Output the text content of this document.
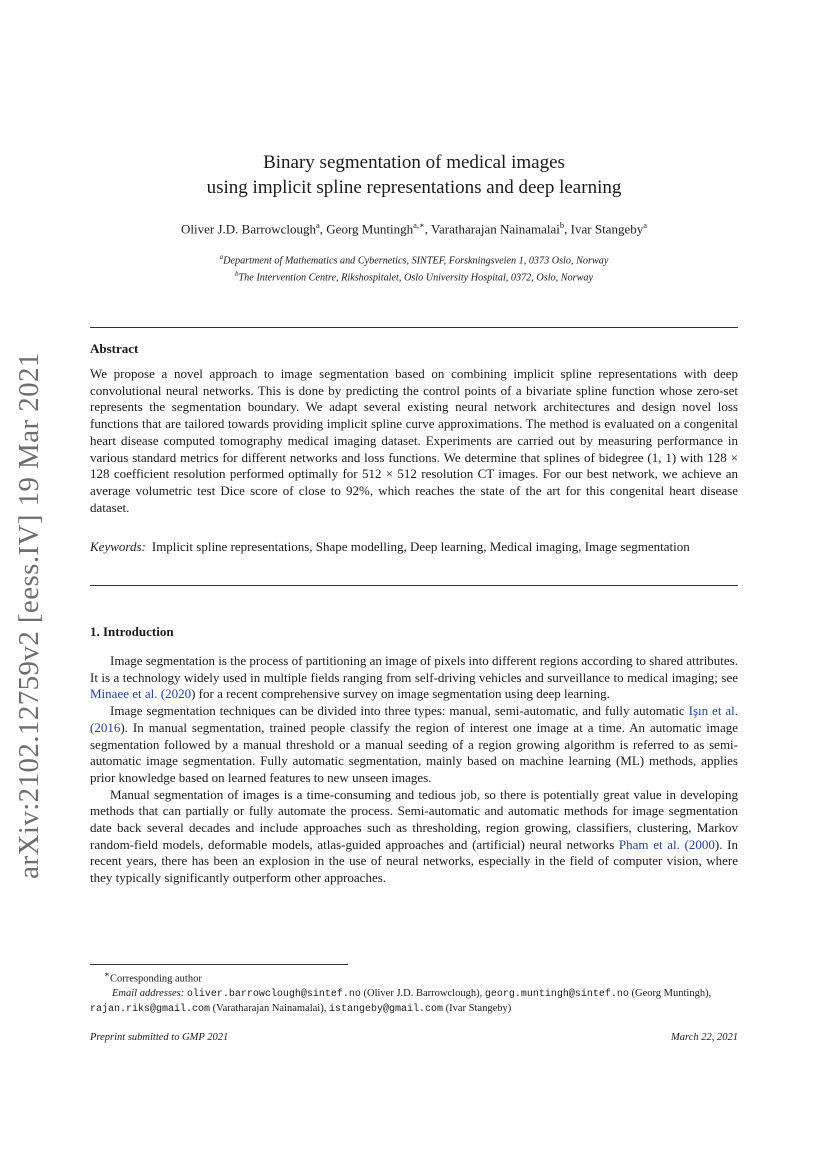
arXiv:2102.12759v2 [eess.IV] 19 Mar 2021
Binary segmentation of medical images
using implicit spline representations and deep learning
Oliver J.D. Barrowclough$^a$, Georg Muntingh$^{a,∗}$, Varatharajan Nainamalai$^b$, Ivar Stangeby$^a$
$^a$Department of Mathematics and Cybernetics, SINTEF, Forskningsveien 1, 0373 Oslo, Norway
$^b$The Intervention Centre, Rikshospitalet, Oslo University Hospital, 0372, Oslo, Norway
Abstract
We propose a novel approach to image segmentation based on combining implicit spline representations with deep convolutional neural networks. This is done by predicting the control points of a bivariate spline function whose zero-set represents the segmentation boundary. We adapt several existing neural network architectures and design novel loss functions that are tailored towards providing implicit spline curve approximations. The method is evaluated on a congenital heart disease computed tomography medical imaging dataset. Experiments are carried out by measuring performance in various standard metrics for different networks and loss functions. We determine that splines of bidegree (1, 1) with 128 × 128 coefficient resolution performed optimally for 512 × 512 resolution CT images. For our best network, we achieve an average volumetric test Dice score of close to 92%, which reaches the state of the art for this congenital heart disease dataset.
Keywords: Implicit spline representations, Shape modelling, Deep learning, Medical imaging, Image segmentation
1. Introduction

Image segmentation is the process of partitioning an image of pixels into different regions according to shared attributes. It is a technology widely used in multiple fields ranging from self-driving vehicles and surveillance to medical imaging; see Minaee et al. (2020) for a recent comprehensive survey on image segmentation using deep learning.

Image segmentation techniques can be divided into three types: manual, semi-automatic, and fully automatic Işın et al. (2016). In manual segmentation, trained people classify the region of interest one image at a time. An automatic image segmentation followed by a manual threshold or a manual seeding of a region growing algorithm is referred to as semi-automatic image segmentation. Fully automatic segmentation, mainly based on machine learning (ML) methods, applies prior knowledge based on learned features to new unseen images.

Manual segmentation of images is a time-consuming and tedious job, so there is potentially great value in developing methods that can partially or fully automate the process. Semi-automatic and automatic methods for image segmentation date back several decades and include approaches such as thresholding, region growing, classifiers, clustering, Markov random-field models, deformable models, atlas-guided approaches and (artificial) neural networks Pham et al. (2000). In recent years, there has been an explosion in the use of neural networks, especially in the field of computer vision, where they typically significantly outperform other approaches.

∗Corresponding author

Email addresses: oliver.barrowclough@sintef.no (Oliver J.D. Barrowclough), georg.muntingh@sintef.no (Georg Muntingh), rajan.riks@gmail.com (Varatharajan Nainamalai), istangeby@gmail.com (Ivar Stangeby)

Preprint submitted to GMP 2021	March 22, 2021
